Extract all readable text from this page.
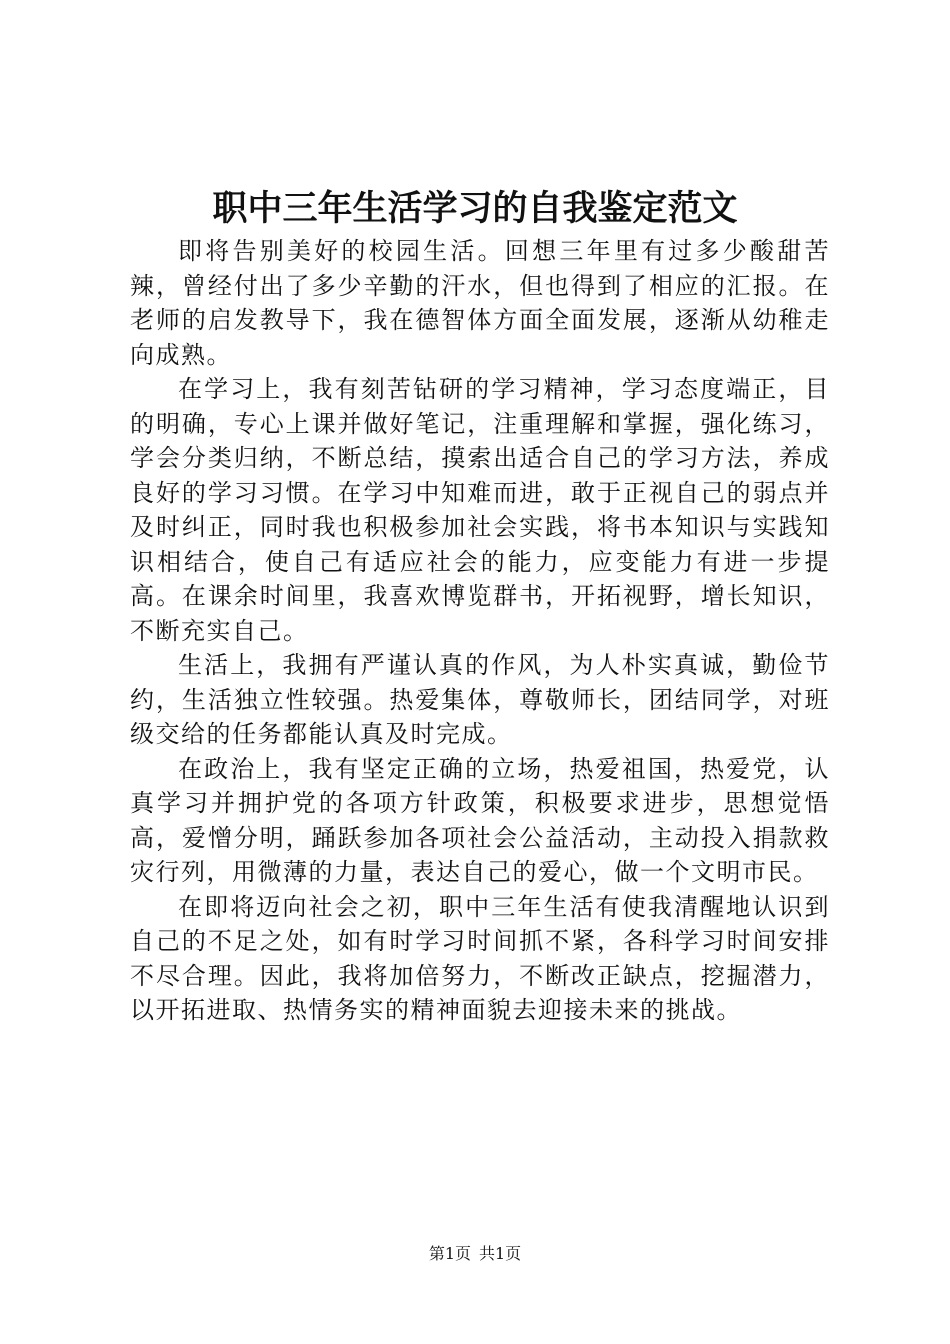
职中三年生活学习的自我鉴定范文

即将告别美好的校园生活。回想三年里有过多少酸甜苦辣，曾经付出了多少辛勤的汗水，但也得到了相应的汇报。在老师的启发教导下，我在德智体方面全面发展，逐渐从幼稚走向成熟。

在学习上，我有刻苦钻研的学习精神，学习态度端正，目的明确，专心上课并做好笔记，注重理解和掌握，强化练习，学会分类归纳，不断总结，摸索出适合自己的学习方法，养成良好的学习习惯。在学习中知难而进，敢于正视自己的弱点并及时纠正，同时我也积极参加社会实践，将书本知识与实践知识相结合，使自己有适应社会的能力，应变能力有进一步提高。在课余时间里，我喜欢博览群书，开拓视野，增长知识，不断充实自己。

生活上，我拥有严谨认真的作风，为人朴实真诚，勤俭节约，生活独立性较强。热爱集体，尊敬师长，团结同学，对班级交给的任务都能认真及时完成。

在政治上，我有坚定正确的立场，热爱祖国，热爱党，认真学习并拥护党的各项方针政策，积极要求进步，思想觉悟高，爱憎分明，踊跃参加各项社会公益活动，主动投入捐款救灾行列，用微薄的力量，表达自己的爱心，做一个文明市民。

在即将迈向社会之初，职中三年生活有使我清醒地认识到自己的不足之处，如有时学习时间抓不紧，各科学习时间安排不尽合理。因此，我将加倍努力，不断改正缺点，挖掘潜力，以开拓进取、热情务实的精神面貌去迎接未来的挑战。

第1页 共1页
